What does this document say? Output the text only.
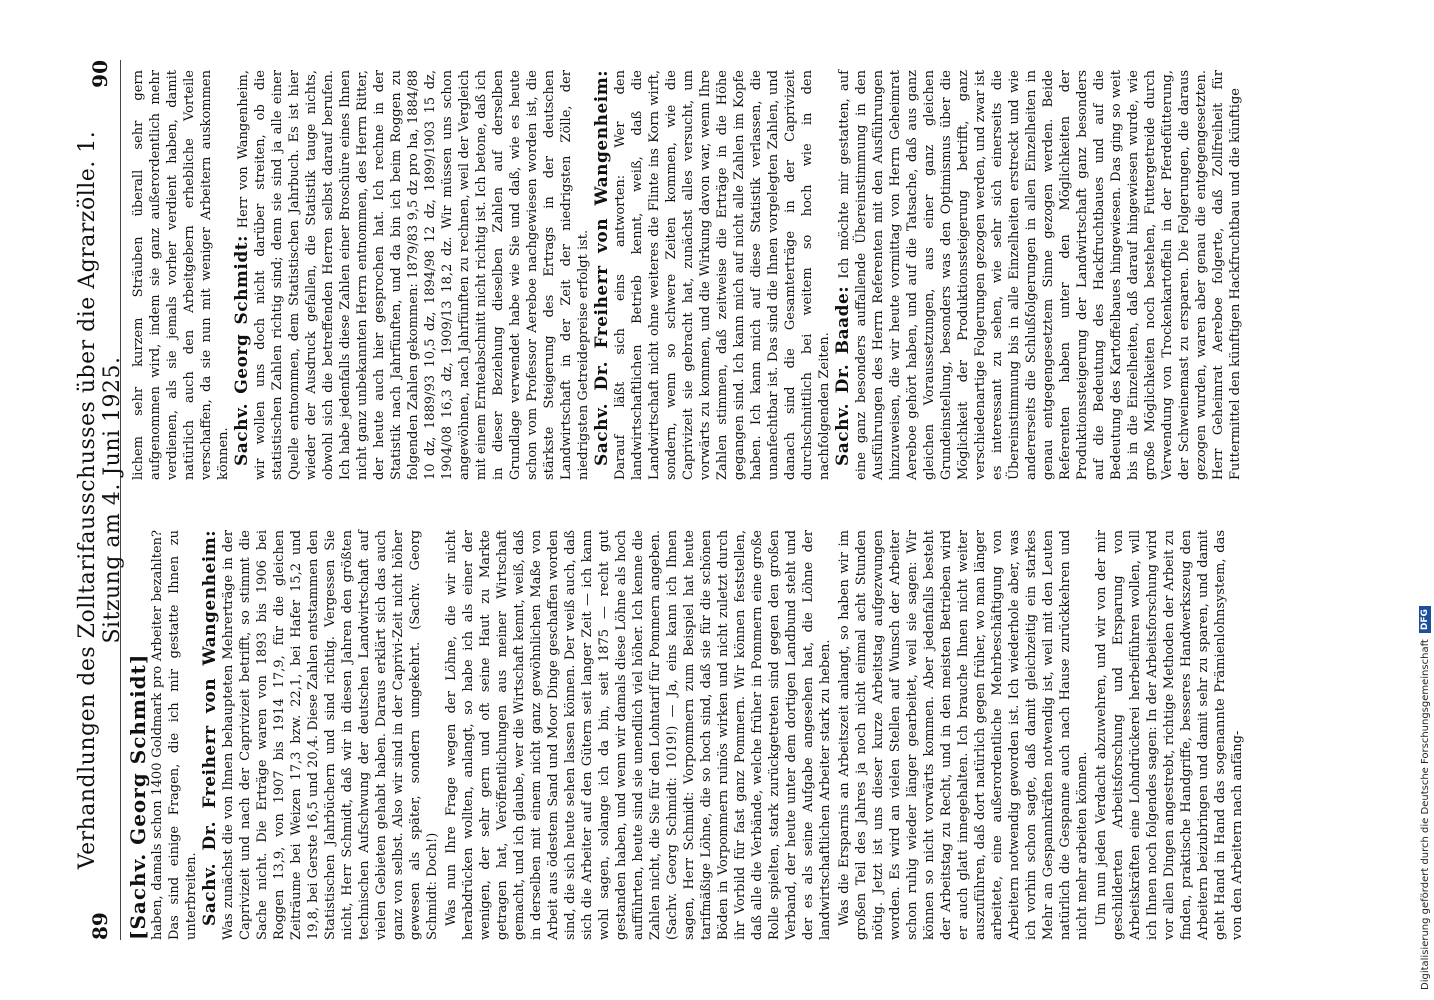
89
Verhandlungen des Zolltarifausschusses über die Agrarzölle. 1. Sitzung am 4. Juni 1925.
90
[Sachv. Georg Schmidt] haben, damals schon 1400 Goldmark pro Arbeiter bezahlten? Das sind einige Fragen, die ich mir gestatte Ihnen zu unterbreiten. Sachv. Dr. Freiherr von Wangenheim: Was zunächst die von Ihnen behaupteten Mehrerträge in der Caprivizeit und nach der Caprivizeit betrifft, so stimmt die Sache nicht. Die Erträge waren von 1893 bis 1906 bei Roggen 13,9, von 1907 bis 1914 17,9, für die gleichen Zeiträume bei Weizen 17,3 bzw. 22,1, bei Hafer 15,2 und 19,8, bei Gerste 16,5 und 20,4. Diese Zahlen entstammen den Statistischen Jahrbüchern und sind richtig. Vergessen Sie nicht, Herr Schmidt, daß wir in diesen Jahren den größten technischen Aufschwung der deutschen Landwirtschaft auf vielen Gebieten gehabt haben. Daraus erklärt sich das auch ganz von selbst. Also wir sind in der Caprivi-Zeit nicht höher gewesen als später, sondern umgekehrt. (Sachv. Georg Schmidt: Doch!) Was nun Ihre Frage wegen der Löhne, die wir nicht herabdrücken wollten, anlangt, so habe ich als einer der wenigen, der sehr gern und oft seine Haut zu Markte getragen hat, Veröffentlichungen aus meiner Wirtschaft gemacht, und ich glaube, wer die Wirtschaft kennt, weiß, daß in derselben mit einem nicht ganz gewöhnlichen Maße von Arbeit aus ödestem Sand und Moor Dinge geschaffen worden sind, die sich heute sehen lassen können. Der weiß auch, daß sich die Arbeiter auf den Gütern seit langer Zeit — ich kann wohl sagen, solange ich da bin, seit 1875 — recht gut gestanden haben, und wenn wir damals diese Löhne als hoch aufführten, heute sind sie unendlich viel höher. Ich kenne die Zahlen nicht, die Sie für den Lohntarif für Pommern angeben. (Sachv. Georg Schmidt: 1019!) — Ja, eins kann ich Ihnen sagen, Herr Schmidt: Vorpommern zum Beispiel hat heute tarifmäßige Löhne, die so hoch sind, daß sie für die schönen Böden in Vorpommern ruinös wirken und nicht zuletzt durch ihr Vorbild für fast ganz Pommern. Wir können feststellen, daß alle die Verbände, welche früher in Pommern eine große Rolle spielten, stark zurückgetreten sind gegen den großen Verband, der heute unter dem dortigen Landbund steht und der es als seine Aufgabe angesehen hat, die Löhne der landwirtschaftlichen Arbeiter stark zu heben. Was die Ersparnis an Arbeitszeit anlangt, so haben wir im großen Teil des Jahres ja noch nicht einmal acht Stunden nötig. Jetzt ist uns dieser kurze Arbeitstag aufgezwungen worden. Es wird an vielen Stellen auf Wunsch der Arbeiter schon ruhig wieder länger gearbeitet, weil sie sagen: Wir können so nicht vorwärts kommen. Aber jedenfalls besteht der Arbeitstag zu Recht, und in den meisten Betrieben wird er auch glatt innegehalten. Ich brauche Ihnen nicht weiter auszuführen, daß dort natürlich gegen früher, wo man länger arbeitete, eine außerordentliche Mehrbeschäftigung von Arbeitern notwendig geworden ist. Ich wiederhole aber, was ich vorhin schon sagte, daß damit gleichzeitig ein starkes Mehr an Gespannkräften notwendig ist, weil mit den Leuten natürlich die Gespanne auch nach Hause zurückkehren und nicht mehr arbeiten können. Um nun jeden Verdacht abzuwehren, und wir von der mir geschilderten Arbeitsforschung und Ersparung von Arbeitskräften eine Lohndrückerei herbeiführen wollen, will ich Ihnen noch folgendes sagen: In der Arbeitsforschung wird vor allen Dingen angestrebt, richtige Methoden der Arbeit zu finden, praktische Handgriffe, besseres Handwerkszeug den Arbeitern beizubringen und damit sehr zu sparen, und damit geht Hand in Hand das sogenannte Prämienlohnsystem, das von den Arbeitern nach anfäng-

lichem sehr kurzem Sträuben überall sehr gern aufgenommen wird, indem sie ganz außerordentlich mehr verdienen, als sie jemals vorher verdient haben, damit natürlich auch den Arbeitgebern erhebliche Vorteile verschaffen, da sie nun mit weniger Arbeitern auskommen können. Sachv. Georg Schmidt: Herr von Wangenheim, wir wollen uns doch nicht darüber streiten, ob die statistischen Zahlen richtig sind; denn sie sind ja alle einer Quelle entnommen, dem Statistischen Jahrbuch. Es ist hier wieder der Ausdruck gefallen, die Statistik tauge nichts, obwohl sich die betreffenden Herren selbst darauf berufen. Ich habe jedenfalls diese Zahlen einer Broschüre eines Ihnen nicht ganz unbekannten Herrn entnommen, des Herrn Ritter, der heute auch hier gesprochen hat. Ich rechne in der Statistik nach Jahrfünften, und da bin ich beim Roggen zu folgenden Zahlen gekommen: 1879/83 9,5 dz pro ha, 1884/88 10 dz, 1889/93 10,5 dz, 1894/98 12 dz, 1899/1903 15 dz, 1904/08 16,3 dz, 1909/13 18,2 dz. Wir müssen uns schon angewöhnen, nach Jahrfünften zu rechnen, weil der Vergleich mit einem Ernteabschnitt nicht richtig ist. Ich betone, daß ich in dieser Beziehung dieselben Zahlen auf derselben Grundlage verwendet habe wie Sie und daß, wie es heute schon vom Professor Aereboe nachgewiesen worden ist, die stärkste Steigerung des Ertrags in der deutschen Landwirtschaft in der Zeit der niedrigsten Zölle, der niedrigsten Getreidepreise erfolgt ist. Sachv. Dr. Freiherr von Wangenheim: Darauf läßt sich eins antworten: Wer den landwirtschaftlichen Betrieb kennt, weiß, daß die Landwirtschaft nicht ohne weiteres die Flinte ins Korn wirft, sondern, wenn so schwere Zeiten kommen, wie die Caprivizeit sie gebracht hat, zunächst alles versucht, um vorwärts zu kommen, und die Wirkung davon war, wenn Ihre Zahlen stimmen, daß zeitweise die Erträge in die Höhe gegangen sind. Ich kann mich auf nicht alle Zahlen im Kopfe haben. Ich kann mich auf diese Statistik verlassen, die unanfechtbar ist. Das sind die Ihnen vorgelegten Zahlen, und danach sind die Gesamterträge in der Caprivizeit durchschnittlich bei weitem so hoch wie in den nachfolgenden Zeiten. Sachv. Dr. Baade: Ich möchte mir gestatten, auf eine ganz besonders auffallende Übereinstimmung in den Ausführungen des Herrn Referenten mit den Ausführungen hinzuweisen, die wir heute vormittag von Herrn Geheimrat Aereboe gehört haben, und auf die Tatsache, daß aus ganz gleichen Voraussetzungen, aus einer ganz gleichen Grundeinstellung, besonders was den Optimismus über die Möglichkeit der Produktionssteigerung betrifft, ganz verschiedenartige Folgerungen gezogen werden, und zwar ist es interessant zu sehen, wie sehr sich einerseits die Übereinstimmung bis in alle Einzelheiten erstreckt und wie andererseits die Schlußfolgerungen in allen Einzelheiten in genau entgegengesetztem Sinne gezogen werden. Beide Referenten haben unter den Möglichkeiten der Produktionssteigerung der Landwirtschaft ganz besonders auf die Bedeutung des Hackfruchtbaues und auf die Bedeutung des Kartoffelbaues hingewiesen. Das ging so weit bis in die Einzelheiten, daß darauf hingewiesen wurde, wie große Möglichkeiten noch bestehen, Futtergetreide durch Verwendung von Trockenkartoffeln in der Pferdefütterung, der Schweinemast zu ersparen. Die Folgerungen, die daraus gezogen wurden, waren aber genau die entgegengesetzten. Herr Geheimrat Aereboe folgerte, daß Zollfreiheit für Futtermittel den künftigen Hackfruchtbau und die künftige

Digitalisierung gefördert durch die Deutsche Forschungsgemeinschaft
DFG
